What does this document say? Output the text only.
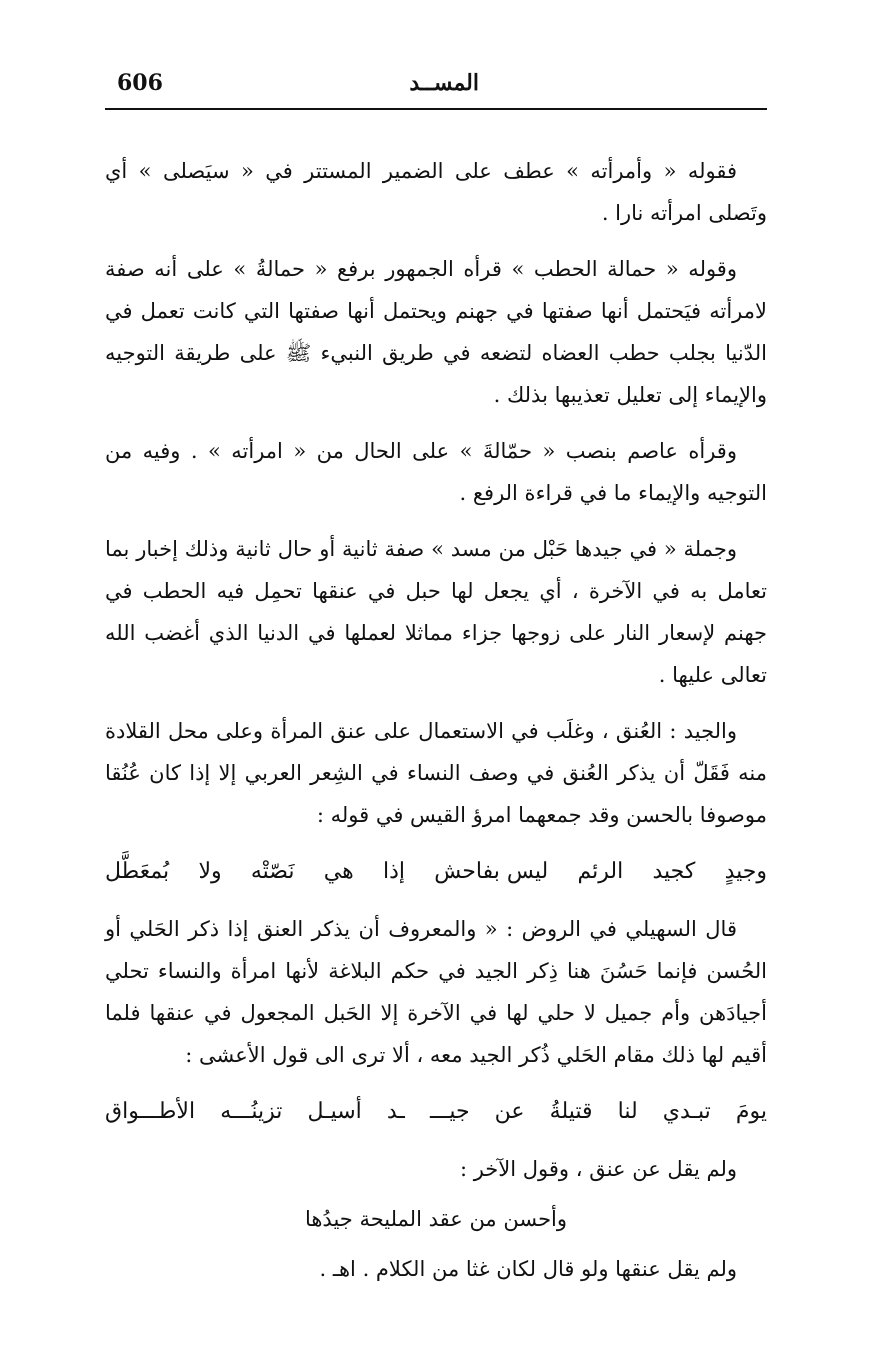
606	المســد

فقوله « وأمرأته » عطف على الضمير المستتر في « سيَصلى » أي وتَصلى امرأته نارا .

وقوله « حمالة الحطب » قرأه الجمهور برفع « حمالةُ » على أنه صفة لامرأته فيَحتمل أنها صفتها في جهنم ويحتمل أنها صفتها التي كانت تعمل في الدّنيا بجلب حطب العضاه لتضعه في طريق النبيء ﷺ على طريقة التوجيه والإيماء إلى تعليل تعذيبها بذلك .

وقرأه عاصم بنصب « حمّالةَ » على الحال من « امرأته » . وفيه من التوجيه والإيماء ما في قراءة الرفع .

وجملة « في جيدها حَبْل من مسد » صفة ثانية أو حال ثانية وذلك إخبار بما تعامل به في الآخرة ، أي يجعل لها حبل في عنقها تحمِل فيه الحطب في جهنم لإسعار النار على زوجها جزاء مماثلا لعملها في الدنيا الذي أغضب الله تعالى عليها .

والجيد : العُنق ، وغلَب في الاستعمال على عنق المرأة وعلى محل القلادة منه فَقَلّ أن يذكر العُنق في وصف النساء في الشِعر العربي إلا إذا كان عُنُقا موصوفا بالحسن وقد جمعهما امرؤ القيس في قوله :

وجيدٍ
كجيد
الرئم
ليس بفاحش
إذا
هي
نَصّتْه
ولا
بُمعَطَّل

قال السهيلي في الروض : « والمعروف أن يذكر العنق إذا ذكر الحَلي أو الحُسن فإنما حَسُنَ هنا ذِكر الجيد في حكم البلاغة لأنها امرأة والنساء تحلي أجيادَهن وأم جميل لا حلي لها في الآخرة إلا الحَبل المجعول في عنقها فلما أقيم لها ذلك مقام الحَلي ذُكر الجيد معه ، ألا ترى الى قول الأعشى :

يومَ
تبـدي
لنا
قتيلةُ
عن
جيـــ
ـد
أسيـل
تزينُـــه
الأطـــواق

ولم يقل عن عنق ، وقول الآخر :

وأحسن من عقد المليحة جيدُها

ولم يقل عنقها ولو قال لكان غثا من الكلام . اهـ .
